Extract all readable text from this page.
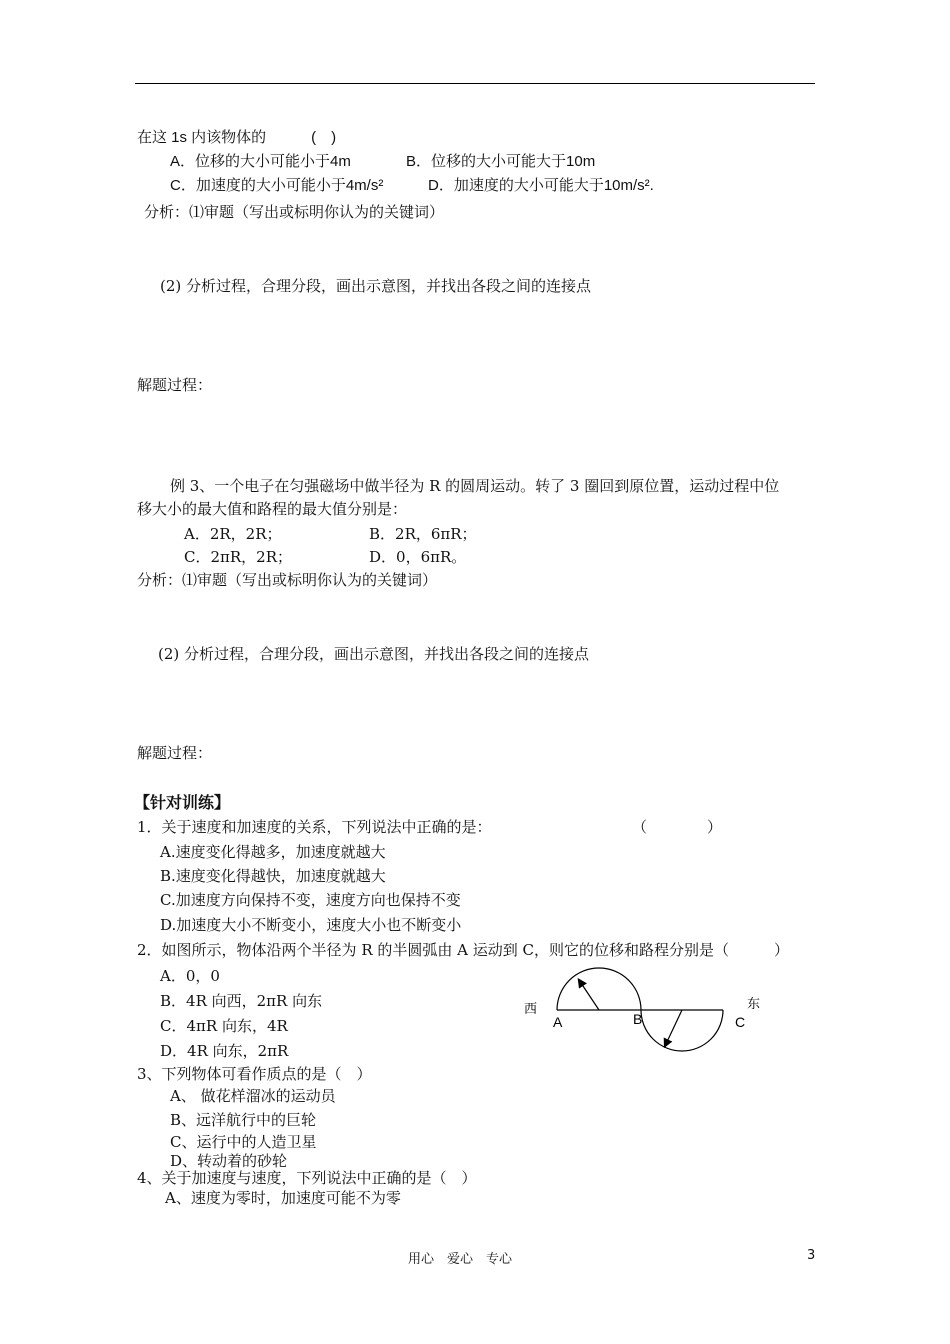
在这 1s 内该物体的　　　(　)
A．位移的大小可能小于4m	B．位移的大小可能大于10m
C．加速度的大小可能小于4m/s²	D．加速度的大小可能大于10m/s².
分析：⑴审题（写出或标明你认为的关键词）
(2) 分析过程，合理分段，画出示意图，并找出各段之间的连接点
解题过程：
例 3、一个电子在匀强磁场中做半径为 R 的圆周运动。转了 3 圈回到原位置，运动过程中位
移大小的最大值和路程的最大值分别是：
A．2R，2R；	B．2R，6πR；
C．2πR，2R；	D．0，6πR。
分析：⑴审题（写出或标明你认为的关键词）
(2) 分析过程，合理分段，画出示意图，并找出各段之间的连接点
解题过程：
【针对训练】
1．关于速度和加速度的关系，下列说法中正确的是：	（　　　　）
A.速度变化得越多，加速度就越大
B.速度变化得越快，加速度就越大
C.加速度方向保持不变，速度方向也保持不变
D.加速度大小不断变小，速度大小也不断变小
2．如图所示，物体沿两个半径为 R 的半圆弧由 A 运动到 C，则它的位移和路程分别是（　　　）
A．0，0
B．4R 向西，2πR 向东
C．4πR 向东，4R
D．4R 向东，2πR
西	东
A	B	C
3、下列物体可看作质点的是（　）
A、 做花样溜冰的运动员
B、远洋航行中的巨轮
C、运行中的人造卫星
D、转动着的砂轮
4、关于加速度与速度，下列说法中正确的是（　）
A、速度为零时，加速度可能不为零
用心　爱心　专心	3
